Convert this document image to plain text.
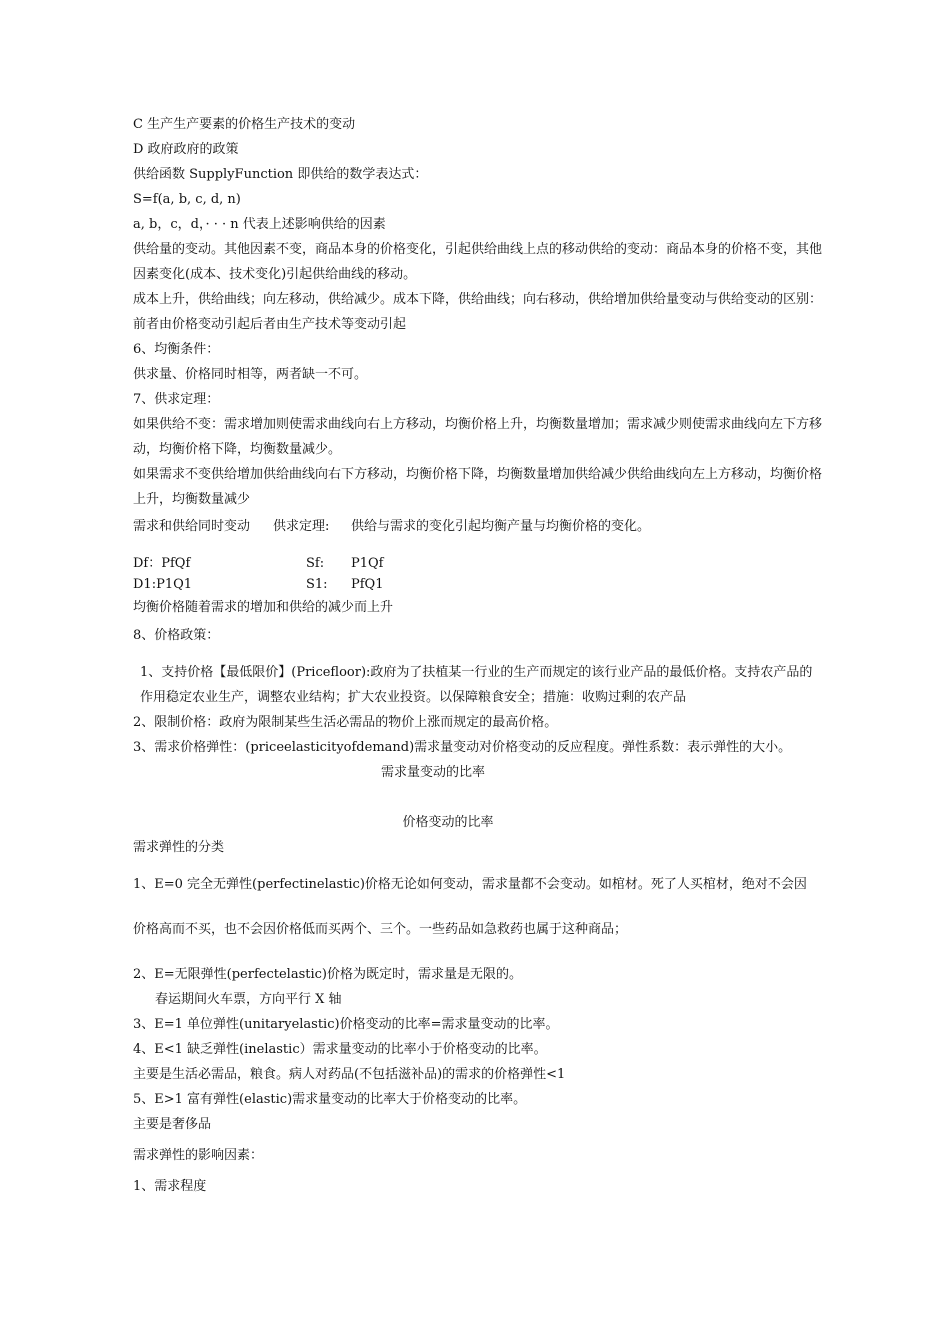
C 生产生产要素的价格生产技术的变动

D 政府政府的政策

供给函数 SupplyFunction 即供给的数学表达式：

S=f(a, b, c, d, n)

a, b，c，d，· · · n 代表上述影响供给的因素

供给量的变动。其他因素不变，商品本身的价格变化，引起供给曲线上点的移动供给的变动：商品本身的价格不变，其他因素变化(成本、技术变化)引起供给曲线的移动。

成本上升，供给曲线；向左移动，供给减少。成本下降，供给曲线；向右移动，供给增加供给量变动与供给变动的区别：前者由价格变动引起后者由生产技术等变动引起

6、均衡条件：

供求量、价格同时相等，两者缺一不可。

7、供求定理：

如果供给不变：需求增加则使需求曲线向右上方移动，均衡价格上升，均衡数量增加；需求减少则使需求曲线向左下方移动，均衡价格下降，均衡数量减少。

如果需求不变供给增加供给曲线向右下方移动，均衡价格下降，均衡数量增加供给减少供给曲线向左上方移动，均衡价格上升，均衡数量减少

需求和供给同时变动	供求定理:	供给与需求的变化引起均衡产量与均衡价格的变化。
Df：PfQf	Sf:	P1Qf
D1:P1Q1	S1:	PfQ1

均衡价格随着需求的增加和供给的减少而上升

8、价格政策：

1、支持价格【最低限价】(Pricefloor):政府为了扶植某一行业的生产而规定的该行业产品的最低价格。支持农产品的作用稳定农业生产，调整农业结构；扩大农业投资。以保障粮食安全；措施：收购过剩的农产品

2、限制价格：政府为限制某些生活必需品的物价上涨而规定的最高价格。

3、需求价格弹性：(priceelasticityofdemand)需求量变动对价格变动的反应程度。弹性系数：表示弹性的大小。

需求量变动的比率
价格变动的比率

需求弹性的分类

1、E=0 完全无弹性(perfectinelastic)价格无论如何变动，需求量都不会变动。如棺材。死了人买棺材，绝对不会因

价格高而不买，也不会因价格低而买两个、三个。一些药品如急救药也属于这种商品；

2、E=无限弹性(perfectelastic)价格为既定时，需求量是无限的。

春运期间火车票，方向平行 X 轴

3、E=1 单位弹性(unitaryelastic)价格变动的比率=需求量变动的比率。

4、E<1 缺乏弹性(inelastic）需求量变动的比率小于价格变动的比率。

主要是生活必需品，粮食。病人对药品(不包括滋补品)的需求的价格弹性<1

5、E>1 富有弹性(elastic)需求量变动的比率大于价格变动的比率。

主要是奢侈品

需求弹性的影响因素：

1、需求程度
